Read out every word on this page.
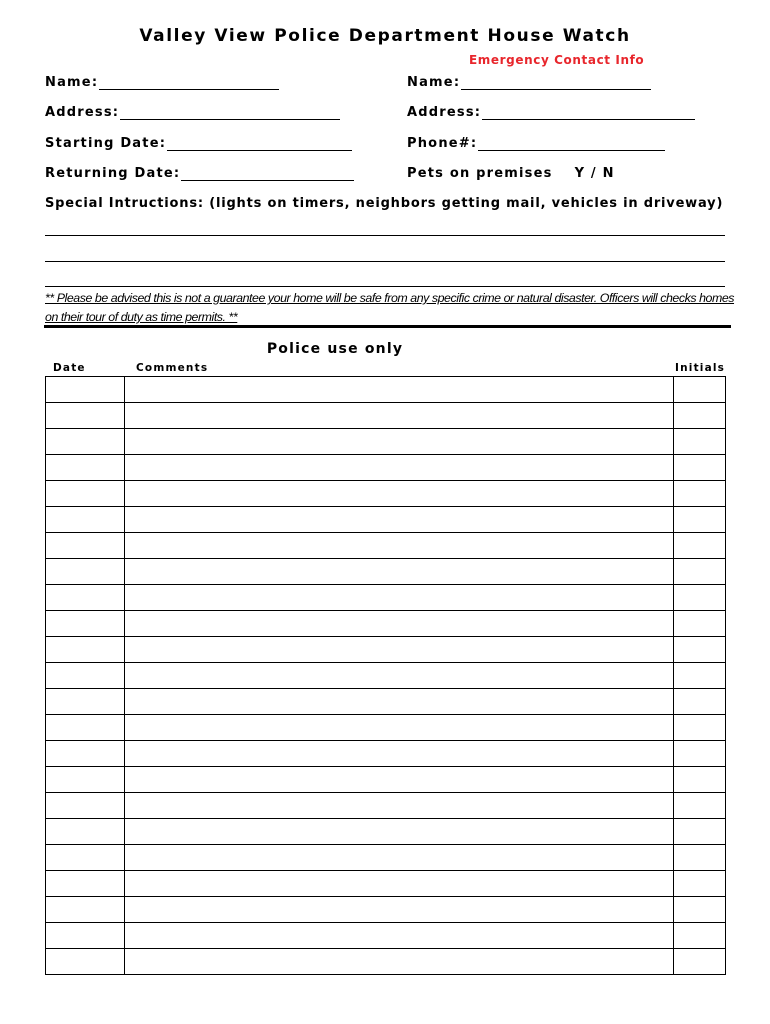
Valley View Police Department House Watch
Emergency Contact Info
Name:
Address:
Starting Date:
Returning Date:
Name:
Address:
Phone#:
Pets on premises Y / N
Special Intructions: (lights on timers, neighbors getting mail, vehicles in driveway)
** Please be advised this is not a guarantee your home will be safe from any specific crime or natural disaster. Officers will checks homes on their tour of duty as time permits. **
Police use only
Date	Comments	Initials
